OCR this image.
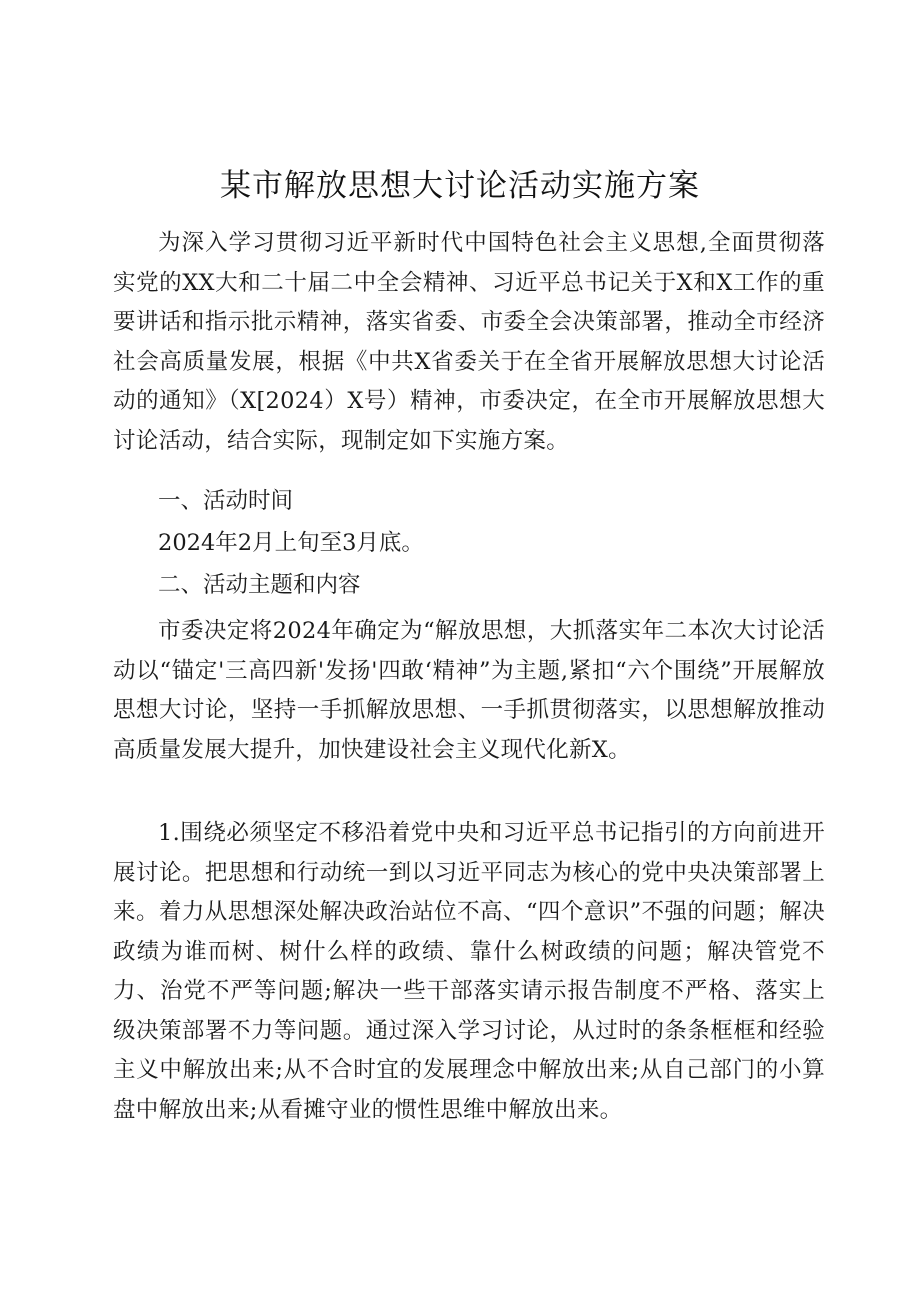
某市解放思想大讨论活动实施方案

为深入学习贯彻习近平新时代中国特色社会主义思想,全面贯彻落实党的XX大和二十届二中全会精神、习近平总书记关于X和X工作的重要讲话和指示批示精神，落实省委、市委全会决策部署，推动全市经济社会高质量发展，根据《中共X省委关于在全省开展解放思想大讨论活动的通知》（X[2024）X号）精神，市委决定，在全市开展解放思想大讨论活动，结合实际，现制定如下实施方案。

一、活动时间

2024年2月上旬至3月底。

二、活动主题和内容

市委决定将2024年确定为“解放思想，大抓落实年二本次大讨论活动以“锚定'三高四新'发扬'四敢‘精神”为主题,紧扣“六个围绕”开展解放思想大讨论，坚持一手抓解放思想、一手抓贯彻落实，以思想解放推动高质量发展大提升，加快建设社会主义现代化新X。

1.围绕必须坚定不移沿着党中央和习近平总书记指引的方向前进开展讨论。把思想和行动统一到以习近平同志为核心的党中央决策部署上来。着力从思想深处解决政治站位不高、“四个意识”不强的问题；解决政绩为谁而树、树什么样的政绩、靠什么树政绩的问题；解决管党不力、治党不严等问题;解决一些干部落实请示报告制度不严格、落实上级决策部署不力等问题。通过深入学习讨论，从过时的条条框框和经验主义中解放出来;从不合时宜的发展理念中解放出来;从自己部门的小算盘中解放出来;从看摊守业的惯性思维中解放出来。
